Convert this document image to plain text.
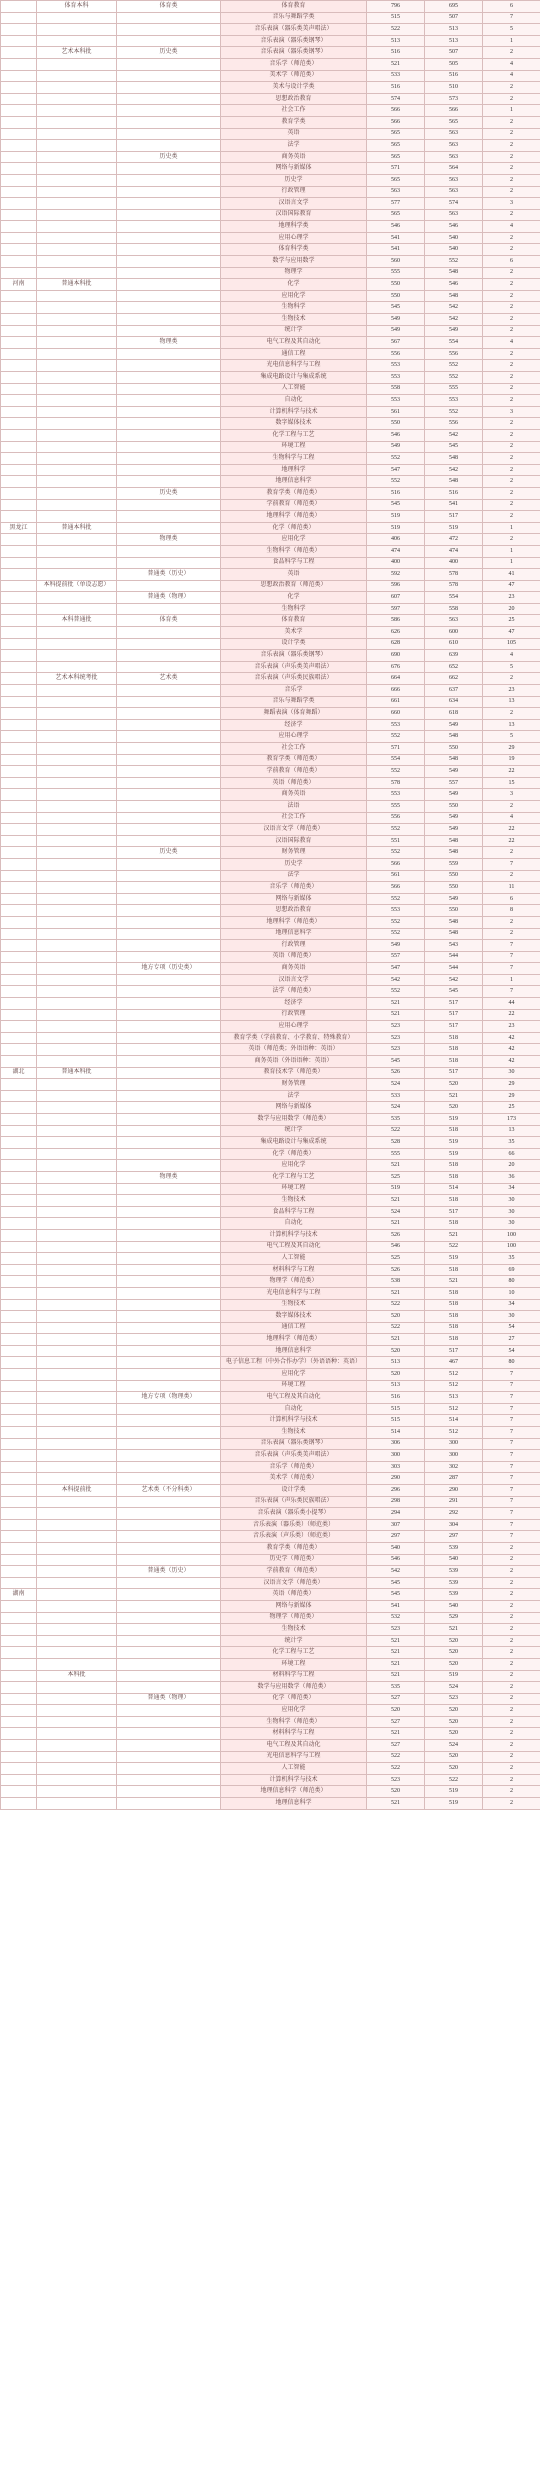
	体育本科	体育类	体育教育	796	695	6
			音乐与舞蹈学类	515	507	7
			音乐表演（器乐类美声唱法）	522	513	5
			音乐表演（器乐类钢琴）	513	513	1
	艺术本科批	历史类	音乐表演（器乐类钢琴）	516	507	2
			音乐学（师范类）	521	505	4
			美术学（师范类）	533	516	4
			美术与设计学类	516	510	2
			思想政治教育	574	573	2
			社会工作	566	566	1
			教育学类	566	565	2
			英语	565	563	2
			法学	565	563	2
		历史类	商务英语	565	563	2
			网络与新媒体	571	564	2
			历史学	565	563	2
			行政管理	563	563	2
			汉语言文学	577	574	3
			汉语国际教育	565	563	2
			地理科学类	546	546	4
			应用心理学	541	540	2
			体育科学类	541	540	2
			数学与应用数学	560	552	6
			物理学	555	548	2
河南	普通本科批		化学	550	546	2
			应用化学	550	548	2
			生物科学	545	542	2
			生物技术	549	542	2
			统计学	549	549	2
		物理类	电气工程及其自动化	567	554	4
			通信工程	556	556	2
			光电信息科学与工程	553	552	2
			集成电路设计与集成系统	553	552	2
			人工智能	558	555	2
			自动化	553	553	2
			计算机科学与技术	561	552	3
			数字媒体技术	550	556	2
			化学工程与工艺	546	542	2
			环境工程	549	545	2
			生物科学与工程	552	548	2
			地理科学	547	542	2
			地理信息科学	552	548	2
		历史类	教育学类（师范类）	516	516	2
			学前教育（师范类）	545	541	2
			地理科学（师范类）	519	517	2
黑龙江	普通本科批		化学（师范类）	519	519	1
		物理类	应用化学	406	472	2
			生物科学（师范类）	474	474	1
			食品科学与工程	400	400	1
		普通类（历史）	英语	592	578	41
	本科提前批（单设志愿）		思想政治教育（师范类）	596	578	47
		普通类（物理）	化学	607	554	23
			生物科学	597	558	20
	本科普通批	体育类	体育教育	586	563	25
			美术学	626	600	47
			设计学类	628	610	105
			音乐表演（器乐类钢琴）	690	639	4
			音乐表演（声乐类美声唱法）	676	652	5
	艺术本科统考批	艺术类	音乐表演（声乐类民族唱法）	664	662	2
			音乐学	666	637	23
			音乐与舞蹈学类	661	634	13
			舞蹈表演（体育舞蹈）	660	618	2
			经济学	553	549	13
			应用心理学	552	548	5
			社会工作	571	550	29
			教育学类（师范类）	554	548	19
			学前教育（师范类）	552	549	22
			英语（师范类）	578	557	15
			商务英语	553	549	3
			法语	555	550	2
			社会工作	556	549	4
			汉语言文学（师范类）	552	549	22
			汉语国际教育	551	548	22
		历史类	财务管理	552	548	2
			历史学	566	559	7
			法学	561	550	2
			音乐学（师范类）	566	550	11
			网络与新媒体	552	549	6
			思想政治教育	553	550	8
			地理科学（师范类）	552	548	2
			地理信息科学	552	548	2
			行政管理	549	543	7
			英语（师范类）	557	544	7
		地方专项（历史类）	商务英语	547	544	7
			汉语言文学	542	542	1
			法学（师范类）	552	545	7
			经济学	521	517	44
			行政管理	521	517	22
			应用心理学	523	517	23
			教育学类（学前教育、小学教育、特殊教育）	523	518	42
			英语（师范类；外语语种：英语）	523	518	42
			商务英语（外语语种：英语）	545	518	42
湖北	普通本科批		教育技术学（师范类）	526	517	30
			财务管理	524	520	29
			法学	533	521	29
			网络与新媒体	524	520	25
			数学与应用数学（师范类）	535	519	173
			统计学	522	518	13
			集成电路设计与集成系统	528	519	35
			化学（师范类）	555	519	66
			应用化学	521	518	20
		物理类	化学工程与工艺	525	518	36
			环境工程	519	514	34
			生物技术	521	518	30
			食品科学与工程	524	517	30
			自动化	521	518	30
			计算机科学与技术	526	521	100
			电气工程及其自动化	546	522	100
			人工智能	525	519	35
			材料科学与工程	526	518	69
			物理学（师范类）	538	521	80
			光电信息科学与工程	521	518	10
			生物技术	522	518	34
			数字媒体技术	520	518	30
			通信工程	522	518	54
			地理科学（师范类）	521	518	27
			地理信息科学	520	517	54
			电子信息工程（中外合作办学）（外语语种：英语）	513	467	80
			应用化学	520	512	7
			环境工程	513	512	7
		地方专项（物理类）	电气工程及其自动化	516	513	7
			自动化	515	512	7
			计算机科学与技术	515	514	7
			生物技术	514	512	7
			音乐表演（器乐类钢琴）	306	300	7
			音乐表演（声乐类美声唱法）	300	300	7
			音乐学（师范类）	303	302	7
			美术学（师范类）	290	287	7
	本科提前批	艺术类（不分科类）	设计学类	296	290	7
			音乐表演（声乐类民族唱法）	298	291	7
			音乐表演（器乐类小提琴）	294	292	7
			音乐表演（器乐类）（师范类）	307	304	7
			音乐表演（声乐类）（师范类）	297	297	7
			教育学类（师范类）	540	539	2
			历史学（师范类）	546	540	2
		普通类（历史）	学前教育（师范类）	542	539	2
			汉语言文学（师范类）	545	539	2
湖南			英语（师范类）	545	539	2
			网络与新媒体	541	540	2
			物理学（师范类）	532	529	2
			生物技术	523	521	2
			统计学	521	520	2
			化学工程与工艺	521	520	2
			环境工程	521	520	2
	本科批		材料科学与工程	521	519	2
			数学与应用数学（师范类）	535	524	2
		普通类（物理）	化学（师范类）	527	523	2
			应用化学	520	520	2
			生物科学（师范类）	527	520	2
			材料科学与工程	521	520	2
			电气工程及其自动化	527	524	2
			光电信息科学与工程	522	520	2
			人工智能	522	520	2
			计算机科学与技术	523	522	2
			地理信息科学（师范类）	520	519	2
			地理信息科学	521	519	2
